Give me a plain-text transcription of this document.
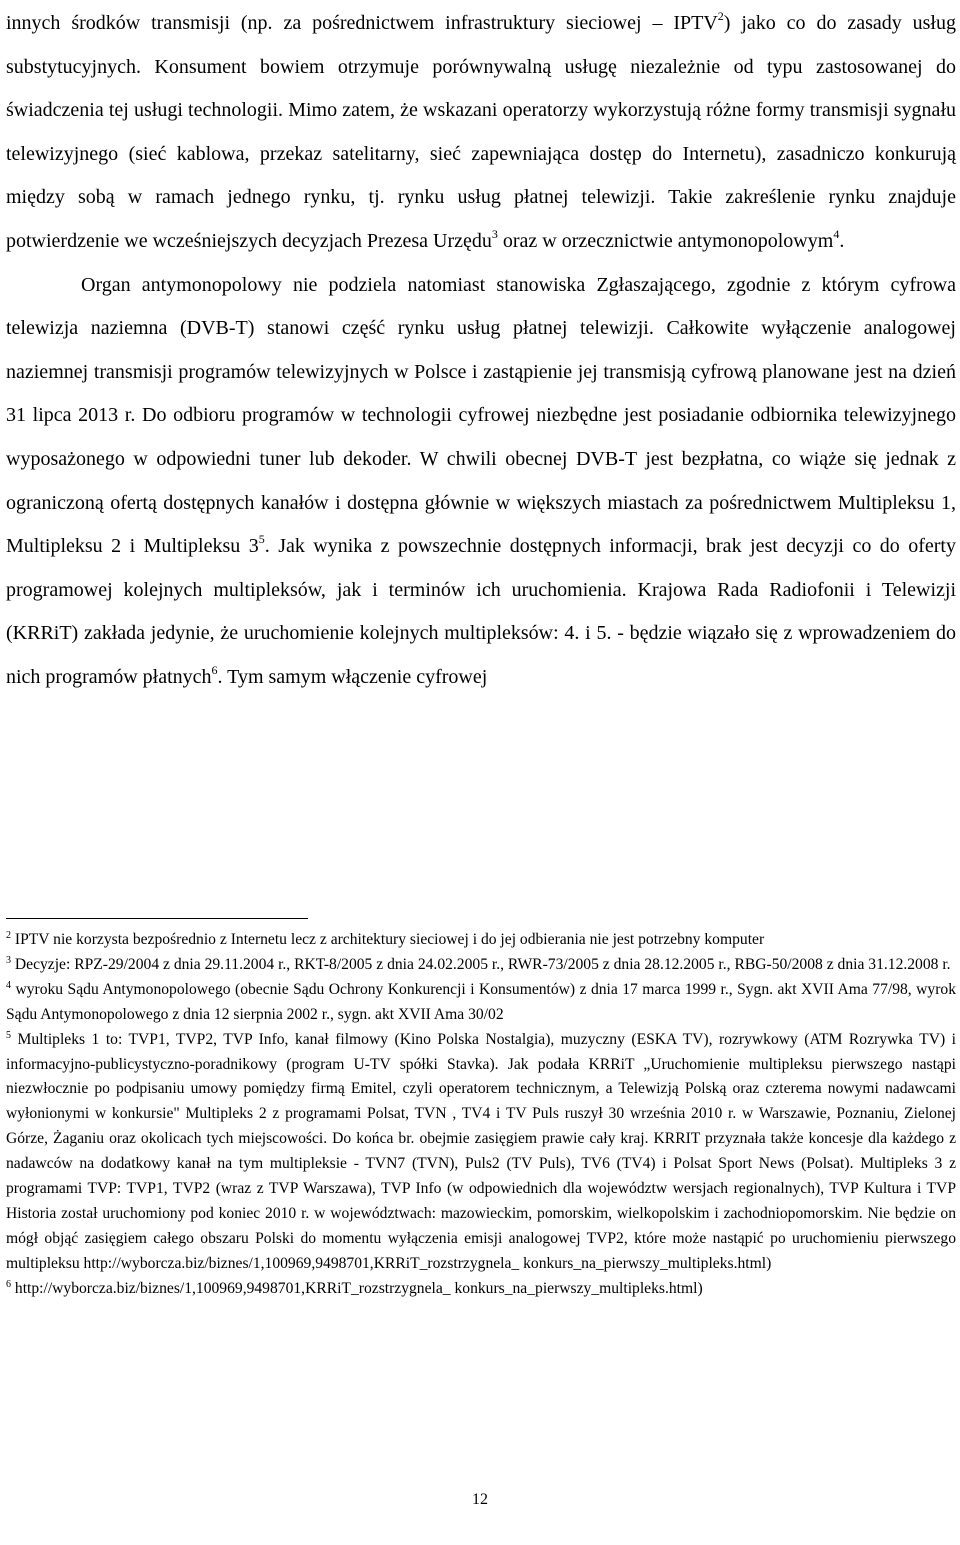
innych środków transmisji (np. za pośrednictwem infrastruktury sieciowej – IPTV$^2$) jako co do zasady usług substytucyjnych. Konsument bowiem otrzymuje porównywalną usługę niezależnie od typu zastosowanej do świadczenia tej usługi technologii. Mimo zatem, że wskazani operatorzy wykorzystują różne formy transmisji sygnału telewizyjnego (sieć kablowa, przekaz satelitarny, sieć zapewniająca dostęp do Internetu), zasadniczo konkurują między sobą w ramach jednego rynku, tj. rynku usług płatnej telewizji. Takie zakreślenie rynku znajduje potwierdzenie we wcześniejszych decyzjach Prezesa Urzędu$^3$ oraz w orzecznictwie antymonopolowym$^4$.

Organ antymonopolowy nie podziela natomiast stanowiska Zgłaszającego, zgodnie z którym cyfrowa telewizja naziemna (DVB-T) stanowi część rynku usług płatnej telewizji. Całkowite wyłączenie analogowej naziemnej transmisji programów telewizyjnych w Polsce i zastąpienie jej transmisją cyfrową planowane jest na dzień 31 lipca 2013 r. Do odbioru programów w technologii cyfrowej niezbędne jest posiadanie odbiornika telewizyjnego wyposażonego w odpowiedni tuner lub dekoder. W chwili obecnej DVB-T jest bezpłatna, co wiąże się jednak z ograniczoną ofertą dostępnych kanałów i dostępna głównie w większych miastach za pośrednictwem Multipleksu 1, Multipleksu 2 i Multipleksu $3^5$. Jak wynika z powszechnie dostępnych informacji, brak jest decyzji co do oferty programowej kolejnych multipleksów, jak i terminów ich uruchomienia. Krajowa Rada Radiofonii i Telewizji (KRRiT) zakłada jedynie, że uruchomienie kolejnych multipleksów: 4. i 5. - będzie wiązało się z wprowadzeniem do nich programów płatnych$^6$. Tym samym włączenie cyfrowej

$^2$ IPTV nie korzysta bezpośrednio z Internetu lecz z architektury sieciowej i do jej odbierania nie jest potrzebny komputer

$^3$ Decyzje: RPZ-29/2004 z dnia 29.11.2004 r., RKT-8/2005 z dnia 24.02.2005 r., RWR-73/2005 z dnia 28.12.2005 r., RBG-50/2008 z dnia 31.12.2008 r.

$^4$ wyroku Sądu Antymonopolowego (obecnie Sądu Ochrony Konkurencji i Konsumentów) z dnia 17 marca 1999 r., Sygn. akt XVII Ama 77/98, wyrok Sądu Antymonopolowego z dnia 12 sierpnia 2002 r., sygn. akt XVII Ama 30/02

$^5$ Multipleks 1 to: TVP1, TVP2, TVP Info, kanał filmowy (Kino Polska Nostalgia), muzyczny (ESKA TV), rozrywkowy (ATM Rozrywka TV) i informacyjno-publicystyczno-poradnikowy (program U-TV spółki Stavka). Jak podała KRRiT „Uruchomienie multipleksu pierwszego nastąpi niezwłocznie po podpisaniu umowy pomiędzy firmą Emitel, czyli operatorem technicznym, a Telewizją Polską oraz czterema nowymi nadawcami wyłonionymi w konkursie" Multipleks 2 z programami Polsat, TVN , TV4 i TV Puls ruszył 30 września 2010 r. w Warszawie, Poznaniu, Zielonej Górze, Żaganiu oraz okolicach tych miejscowości. Do końca br. obejmie zasięgiem prawie cały kraj. KRRIT przyznała także koncesje dla każdego z nadawców na dodatkowy kanał na tym multipleksie - TVN7 (TVN), Puls2 (TV Puls), TV6 (TV4) i Polsat Sport News (Polsat). Multipleks 3 z programami TVP: TVP1, TVP2 (wraz z TVP Warszawa), TVP Info (w odpowiednich dla województw wersjach regionalnych), TVP Kultura i TVP Historia został uruchomiony pod koniec 2010 r. w województwach: mazowieckim, pomorskim, wielkopolskim i zachodniopomorskim. Nie będzie on mógł objąć zasięgiem całego obszaru Polski do momentu wyłączenia emisji analogowej TVP2, które może nastąpić po uruchomieniu pierwszego multipleksu http://wyborcza.biz/biznes/1,100969,9498701,KRRiT_rozstrzygnela_ konkurs_na_pierwszy_multipleks.html)

$^6$ http://wyborcza.biz/biznes/1,100969,9498701,KRRiT_rozstrzygnela_ konkurs_na_pierwszy_multipleks.html)

12
